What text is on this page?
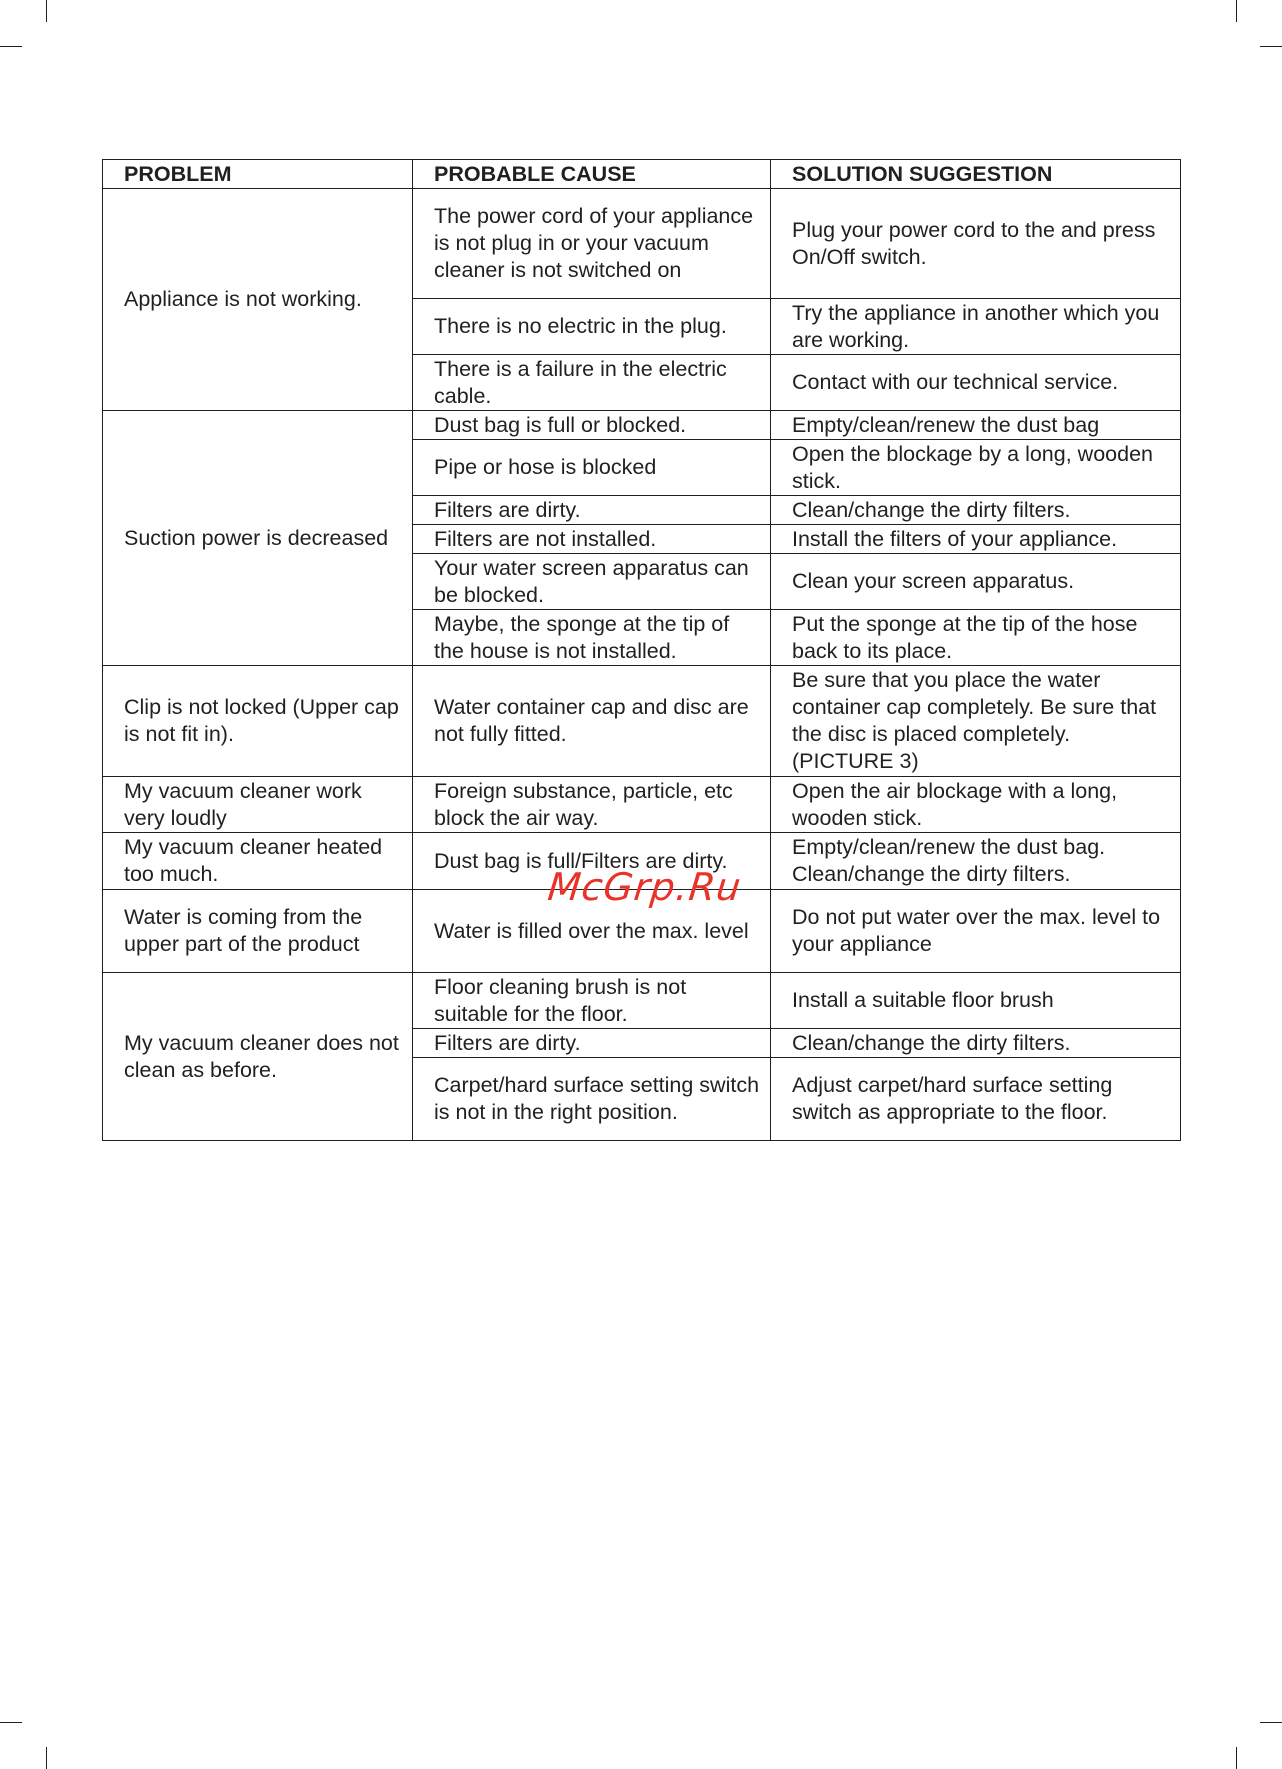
PROBLEM	PROBABLE CAUSE	SOLUTION SUGGESTION
Appliance is not working.	The power cord of your appliance is not plug in or your vacuum cleaner is not switched on	Plug your power cord to the and press On/Off switch.
	There is no electric in the plug.	Try the appliance in another which you are working.
	There is a failure in the electric cable.	Contact with our technical service.
Suction power is decreased	Dust bag is full or blocked.	Empty/clean/renew the dust bag
	Pipe or hose is blocked	Open the blockage by a long, wooden stick.
	Filters are dirty.	Clean/change the dirty filters.
	Filters are not installed.	Install the filters of your appliance.
	Your water screen apparatus can be blocked.	Clean your screen apparatus.
	Maybe, the sponge at the tip of the house is not installed.	Put the sponge at the tip of the hose back to its place.
Clip is not locked (Upper cap is not fit in).	Water container cap and disc are not fully fitted.	Be sure that you place the water container cap completely. Be sure that the disc is placed completely. (PICTURE 3)
My vacuum cleaner work very loudly	Foreign substance, particle, etc block the air way.	Open the air blockage with a long, wooden stick.
My vacuum cleaner heated too much.	Dust bag is full/Filters are dirty.	Empty/clean/renew the dust bag. Clean/change the dirty filters.
Water is coming from the upper part of the product	Water is filled over the max. level	Do not put water over the max. level to your appliance
My vacuum cleaner does not clean as before.	Floor cleaning brush is not suitable for the floor.	Install a suitable floor brush
	Filters are dirty.	Clean/change the dirty filters.
	Carpet/hard surface setting switch is not in the right position.	Adjust carpet/hard surface setting switch as appropriate to the floor.
McGrp.Ru
